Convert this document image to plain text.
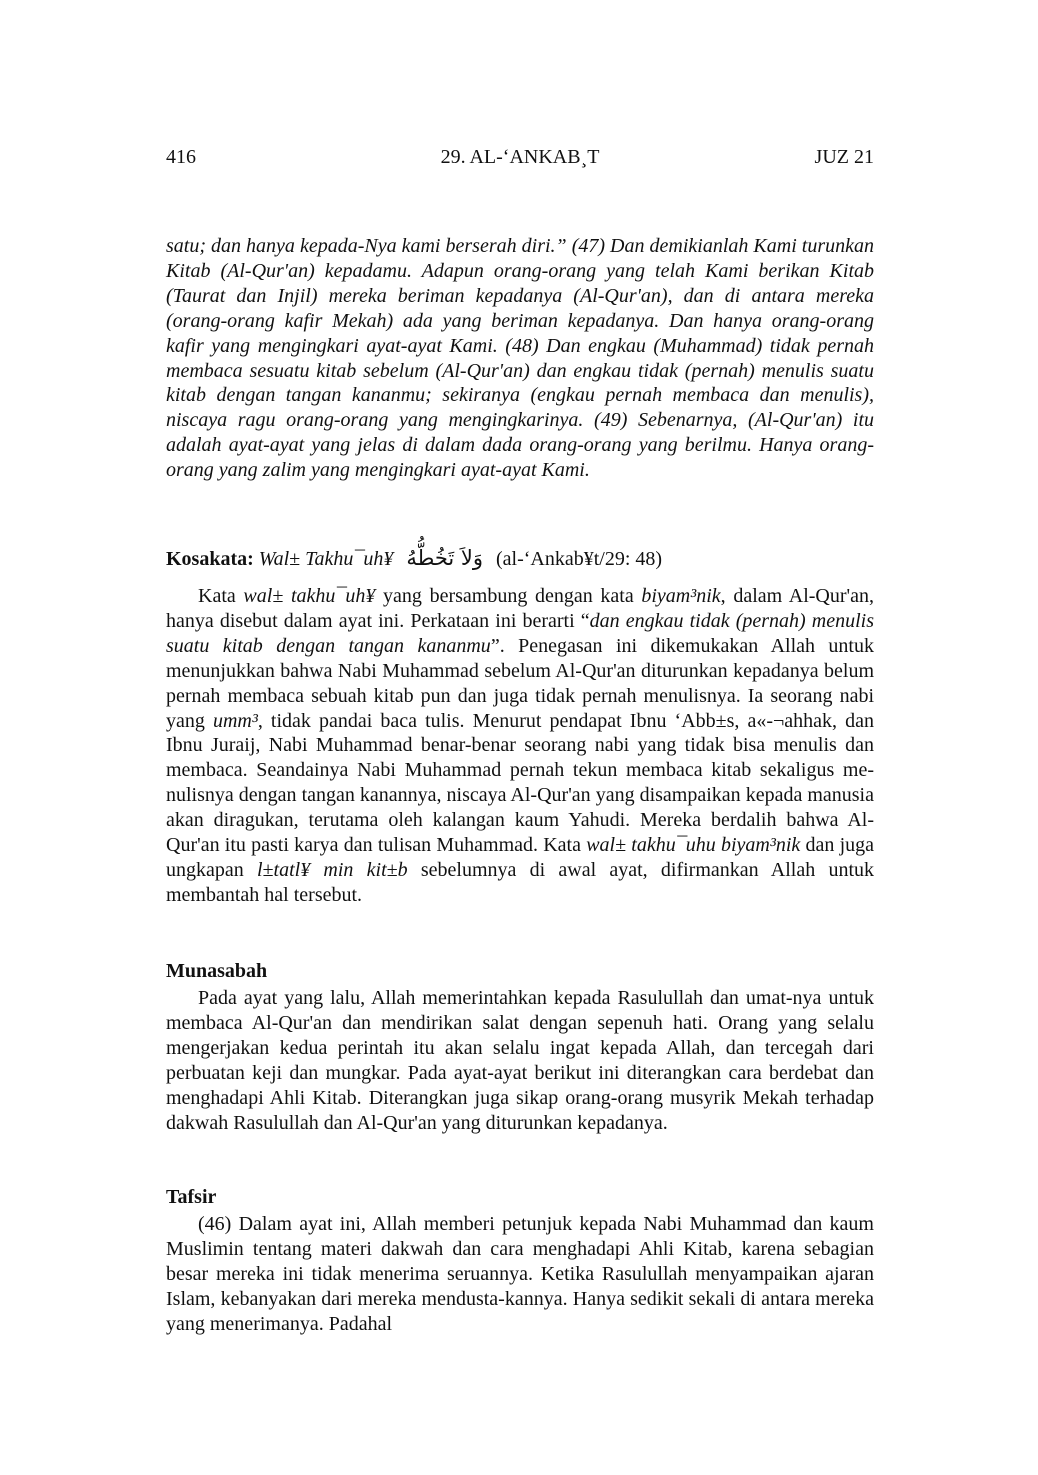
416	29. AL-‘ANKAB¸T	JUZ 21

satu; dan hanya kepada-Nya kami berserah diri.” (47) Dan demikianlah Kami turunkan Kitab (Al-Qur'an) kepadamu. Adapun orang-orang yang telah Kami berikan Kitab (Taurat dan Injil) mereka beriman kepadanya (Al-Qur'an), dan di antara mereka (orang-orang kafir Mekah) ada yang beriman kepadanya. Dan hanya orang-orang kafir yang mengingkari ayat-ayat Kami. (48) Dan engkau (Muhammad) tidak pernah membaca sesuatu kitab sebelum (Al-Qur'an) dan engkau tidak (pernah) menulis suatu kitab dengan tangan kananmu; sekiranya (engkau pernah membaca dan menulis), niscaya ragu orang-orang yang mengingkarinya. (49) Sebenarnya, (Al-Qur'an) itu adalah ayat-ayat yang jelas di dalam dada orang-orang yang berilmu. Hanya orang-orang yang zalim yang mengingkari ayat-ayat Kami.

Kosakata: Wal± Takhu¯uh¥ وَلاَ تَخُطُّهُ (al-‘Ankab¥t/29: 48)

Kata wal± takhu¯uh¥ yang bersambung dengan kata biyam³nik, dalam Al-Qur'an, hanya disebut dalam ayat ini. Perkataan ini berarti “dan engkau tidak (pernah) menulis suatu kitab dengan tangan kananmu”. Penegasan ini dikemukakan Allah untuk menunjukkan bahwa Nabi Muhammad sebelum Al-Qur'an diturunkan kepadanya belum pernah membaca sebuah kitab pun dan juga tidak pernah menulisnya. Ia seorang nabi yang umm³, tidak pandai baca tulis. Menurut pendapat Ibnu ‘Abb±s, a«-¬ahhak, dan Ibnu Juraij, Nabi Muhammad benar-benar seorang nabi yang tidak bisa menulis dan membaca. Seandainya Nabi Muhammad pernah tekun membaca kitab sekaligus me-nulisnya dengan tangan kanannya, niscaya Al-Qur'an yang disampaikan kepada manusia akan diragukan, terutama oleh kalangan kaum Yahudi. Mereka berdalih bahwa Al-Qur'an itu pasti karya dan tulisan Muhammad. Kata wal± takhu¯uhu biyam³nik dan juga ungkapan l±tatl¥ min kit±b sebelumnya di awal ayat, difirmankan Allah untuk membantah hal tersebut.

Munasabah

Pada ayat yang lalu, Allah memerintahkan kepada Rasulullah dan umat-nya untuk membaca Al-Qur'an dan mendirikan salat dengan sepenuh hati. Orang yang selalu mengerjakan kedua perintah itu akan selalu ingat kepada Allah, dan tercegah dari perbuatan keji dan mungkar. Pada ayat-ayat berikut ini diterangkan cara berdebat dan menghadapi Ahli Kitab. Diterangkan juga sikap orang-orang musyrik Mekah terhadap dakwah Rasulullah dan Al-Qur'an yang diturunkan kepadanya.

Tafsir

(46) Dalam ayat ini, Allah memberi petunjuk kepada Nabi Muhammad dan kaum Muslimin tentang materi dakwah dan cara menghadapi Ahli Kitab, karena sebagian besar mereka ini tidak menerima seruannya. Ketika Rasulullah menyampaikan ajaran Islam, kebanyakan dari mereka mendusta-kannya. Hanya sedikit sekali di antara mereka yang menerimanya. Padahal
